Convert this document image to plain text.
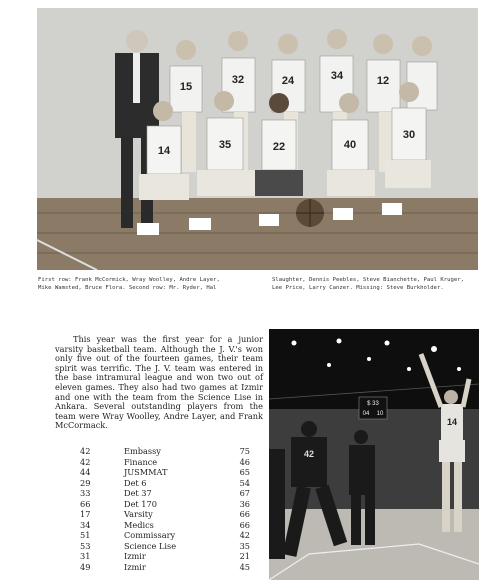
15
32	24	34	12
14	35	22	40
30
First row: Frank McCormick, Wray Woolley, Andre Layer,
Mike Wamsted, Bruce Flora. Second row: Mr. Ryder, Hal
Slaughter, Dennis Peebles, Steve Bianchette, Paul Kruger,
Lee Price, Larry Canzer. Missing: Steve Burkholder.
This year was the first year for a junior varsity basketball team. Although the J. V.'s won only five out of the fourteen games, their team spirit was terrific. The J. V. team was entered in the base intramural league and won two out of eleven games. They also had two games at Izmir and one with the team from the Science Lise in Ankara. Several outstanding players from the team were Wray Woolley, Andre Layer, and Frank McCormack.
42	Embassy	75
42	Finance	46
44	JUSMMAT	65
29	Det 6	54
33	Det 37	67
66	Det 170	36
17	Varsity	66
34	Medics	66
51	Commissary	42
53	Science Lise	35
31	Izmir	21
49	Izmir	45
$ 33
04 10
42
14
